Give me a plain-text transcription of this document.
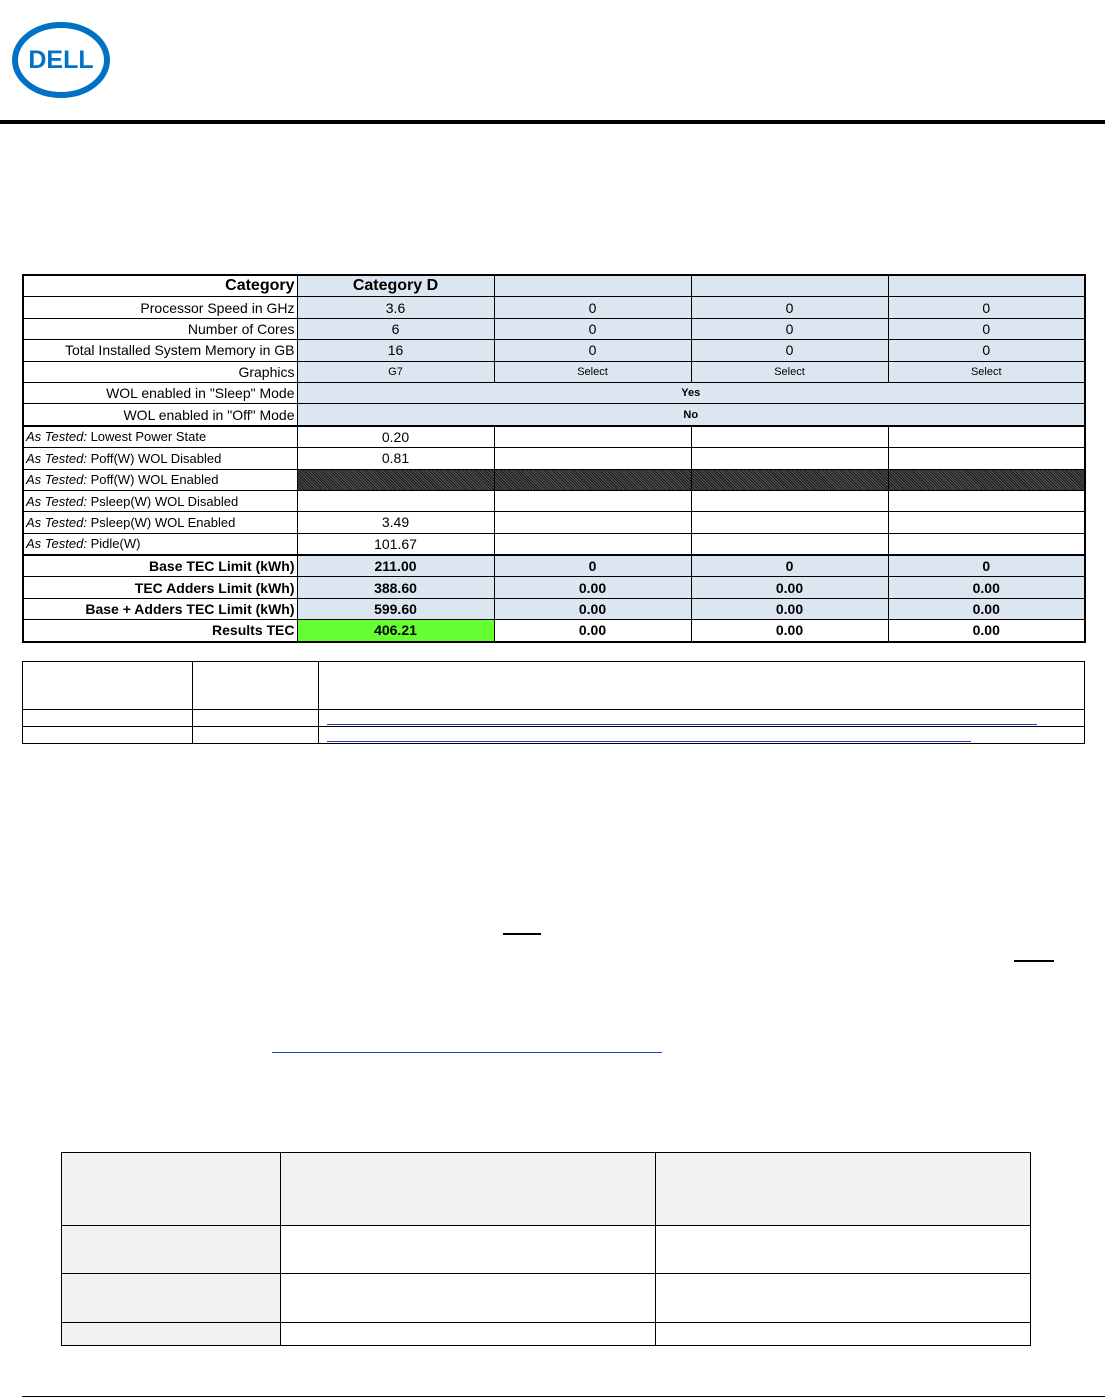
DELL
Category	Category D			
Processor Speed in GHz	3.6	0	0	0
Number of Cores	6	0	0	0
Total Installed System Memory in GB	16	0	0	0
Graphics	G7	Select	Select	Select
WOL enabled in "Sleep" Mode	Yes			
WOL enabled in "Off" Mode	No			
As Tested: Lowest Power State	0.20			
As Tested: Poff(W) WOL Disabled	0.81			
As Tested: Poff(W) WOL Enabled				
As Tested: Psleep(W) WOL Disabled				
As Tested: Psleep(W) WOL Enabled	3.49			
As Tested: Pidle(W)	101.67			
Base TEC Limit (kWh)	211.00	0	0	0
TEC Adders Limit (kWh)	388.60	0.00	0.00	0.00
Base + Adders TEC Limit (kWh)	599.60	0.00	0.00	0.00
Results TEC	406.21	0.00	0.00	0.00
